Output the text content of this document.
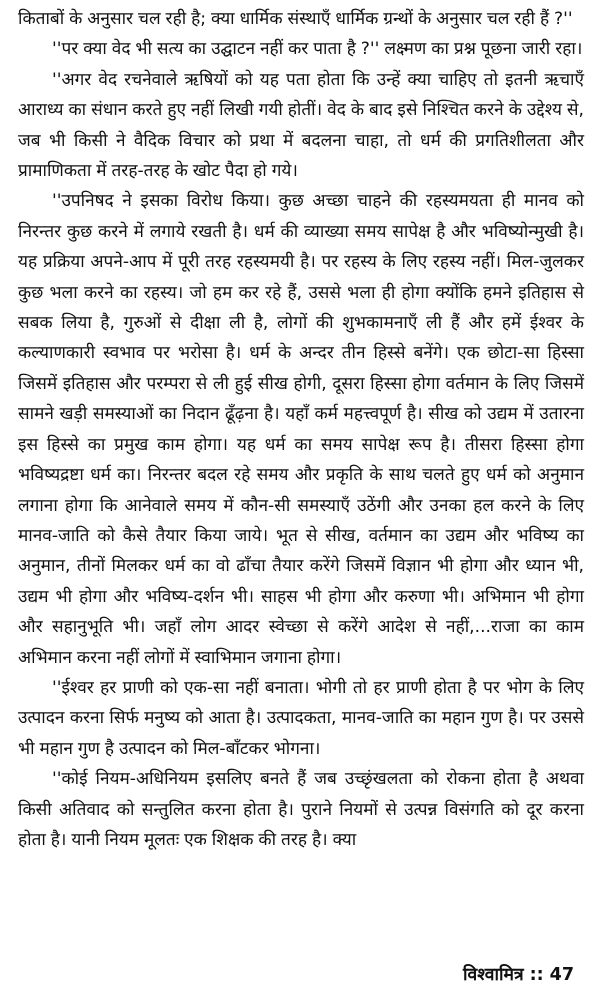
किताबों के अनुसार चल रही है; क्या धार्मिक संस्थाएँ धार्मिक ग्रन्थों के अनुसार चल रही हैं ?''

''पर क्या वेद भी सत्य का उद्घाटन नहीं कर पाता है ?'' लक्ष्मण का प्रश्न पूछना जारी रहा।

''अगर वेद रचनेवाले ऋषियों को यह पता होता कि उन्हें क्या चाहिए तो इतनी ऋचाएँ आराध्य का संधान करते हुए नहीं लिखी गयी होतीं। वेद के बाद इसे निश्चित करने के उद्देश्य से, जब भी किसी ने वैदिक विचार को प्रथा में बदलना चाहा, तो धर्म की प्रगतिशीलता और प्रामाणिकता में तरह-तरह के खोट पैदा हो गये।

''उपनिषद ने इसका विरोध किया। कुछ अच्छा चाहने की रहस्यमयता ही मानव को निरन्तर कुछ करने में लगाये रखती है। धर्म की व्याख्या समय सापेक्ष है और भविष्योन्मुखी है। यह प्रक्रिया अपने-आप में पूरी तरह रहस्यमयी है। पर रहस्य के लिए रहस्य नहीं। मिल-जुलकर कुछ भला करने का रहस्य। जो हम कर रहे हैं, उससे भला ही होगा क्योंकि हमने इतिहास से सबक लिया है, गुरुओं से दीक्षा ली है, लोगों की शुभकामनाएँ ली हैं और हमें ईश्वर के कल्याणकारी स्वभाव पर भरोसा है। धर्म के अन्दर तीन हिस्से बनेंगे। एक छोटा-सा हिस्सा जिसमें इतिहास और परम्परा से ली हुई सीख होगी, दूसरा हिस्सा होगा वर्तमान के लिए जिसमें सामने खड़ी समस्याओं का निदान ढूँढ़ना है। यहाँ कर्म महत्त्वपूर्ण है। सीख को उद्यम में उतारना इस हिस्से का प्रमुख काम होगा। यह धर्म का समय सापेक्ष रूप है। तीसरा हिस्सा होगा भविष्यद्रष्टा धर्म का। निरन्तर बदल रहे समय और प्रकृति के साथ चलते हुए धर्म को अनुमान लगाना होगा कि आनेवाले समय में कौन-सी समस्याएँ उठेंगी और उनका हल करने के लिए मानव-जाति को कैसे तैयार किया जाये। भूत से सीख, वर्तमान का उद्यम और भविष्य का अनुमान, तीनों मिलकर धर्म का वो ढाँचा तैयार करेंगे जिसमें विज्ञान भी होगा और ध्यान भी, उद्यम भी होगा और भविष्य-दर्शन भी। साहस भी होगा और करुणा भी। अभिमान भी होगा और सहानुभूति भी। जहाँ लोग आदर स्वेच्छा से करेंगे आदेश से नहीं,...राजा का काम अभिमान करना नहीं लोगों में स्वाभिमान जगाना होगा।

''ईश्वर हर प्राणी को एक-सा नहीं बनाता। भोगी तो हर प्राणी होता है पर भोग के लिए उत्पादन करना सिर्फ मनुष्य को आता है। उत्पादकता, मानव-जाति का महान गुण है। पर उससे भी महान गुण है उत्पादन को मिल-बाँटकर भोगना।

''कोई नियम-अधिनियम इसलिए बनते हैं जब उच्छृंखलता को रोकना होता है अथवा किसी अतिवाद को सन्तुलित करना होता है। पुराने नियमों से उत्पन्न विसंगति को दूर करना होता है। यानी नियम मूलतः एक शिक्षक की तरह है। क्या

विश्वामित्र :: 47
